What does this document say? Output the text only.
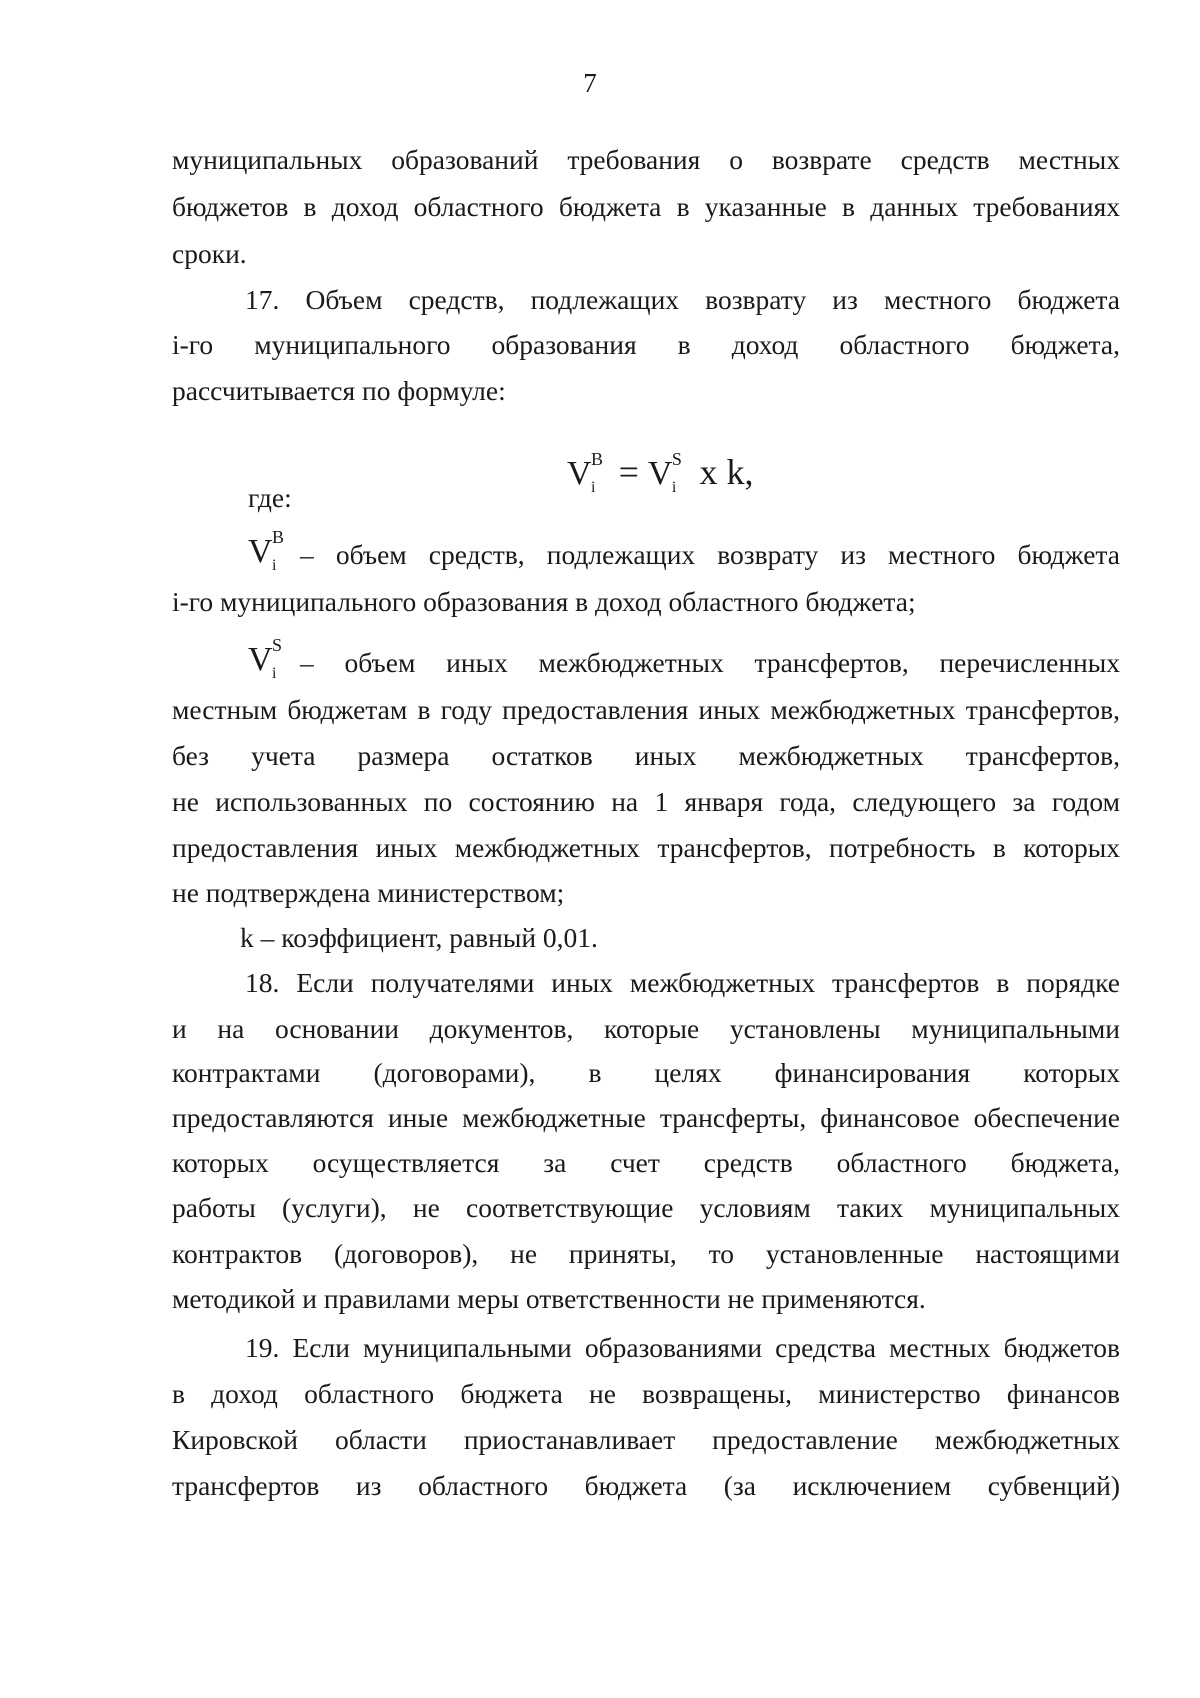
7
муниципальных образований требования о возврате средств местных
бюджетов в доход областного бюджета в указанные в данных требованиях
сроки.
17. Объем средств, подлежащих возврату из местного бюджета
i-го муниципального образования в доход областного бюджета,
рассчитывается по формуле:
V B
i = V S
i x k,
где:
V B
i – объем средств, подлежащих возврату из местного бюджета
i-го муниципального образования в доход областного бюджета;
V S
i – объем иных межбюджетных трансфертов, перечисленных
местным бюджетам в году предоставления иных межбюджетных трансфертов,
без учета размера остатков иных межбюджетных трансфертов,
не использованных по состоянию на 1 января года, следующего за годом
предоставления иных межбюджетных трансфертов, потребность в которых
не подтверждена министерством;
k – коэффициент, равный 0,01.
18. Если получателями иных межбюджетных трансфертов в порядке
и на основании документов, которые установлены муниципальными
контрактами (договорами), в целях финансирования которых
предоставляются иные межбюджетные трансферты, финансовое обеспечение
которых осуществляется за счет средств областного бюджета,
работы (услуги), не соответствующие условиям таких муниципальных
контрактов (договоров), не приняты, то установленные настоящими
методикой и правилами меры ответственности не применяются.
19. Если муниципальными образованиями средства местных бюджетов
в доход областного бюджета не возвращены, министерство финансов
Кировской области приостанавливает предоставление межбюджетных
трансфертов из областного бюджета (за исключением субвенций)
